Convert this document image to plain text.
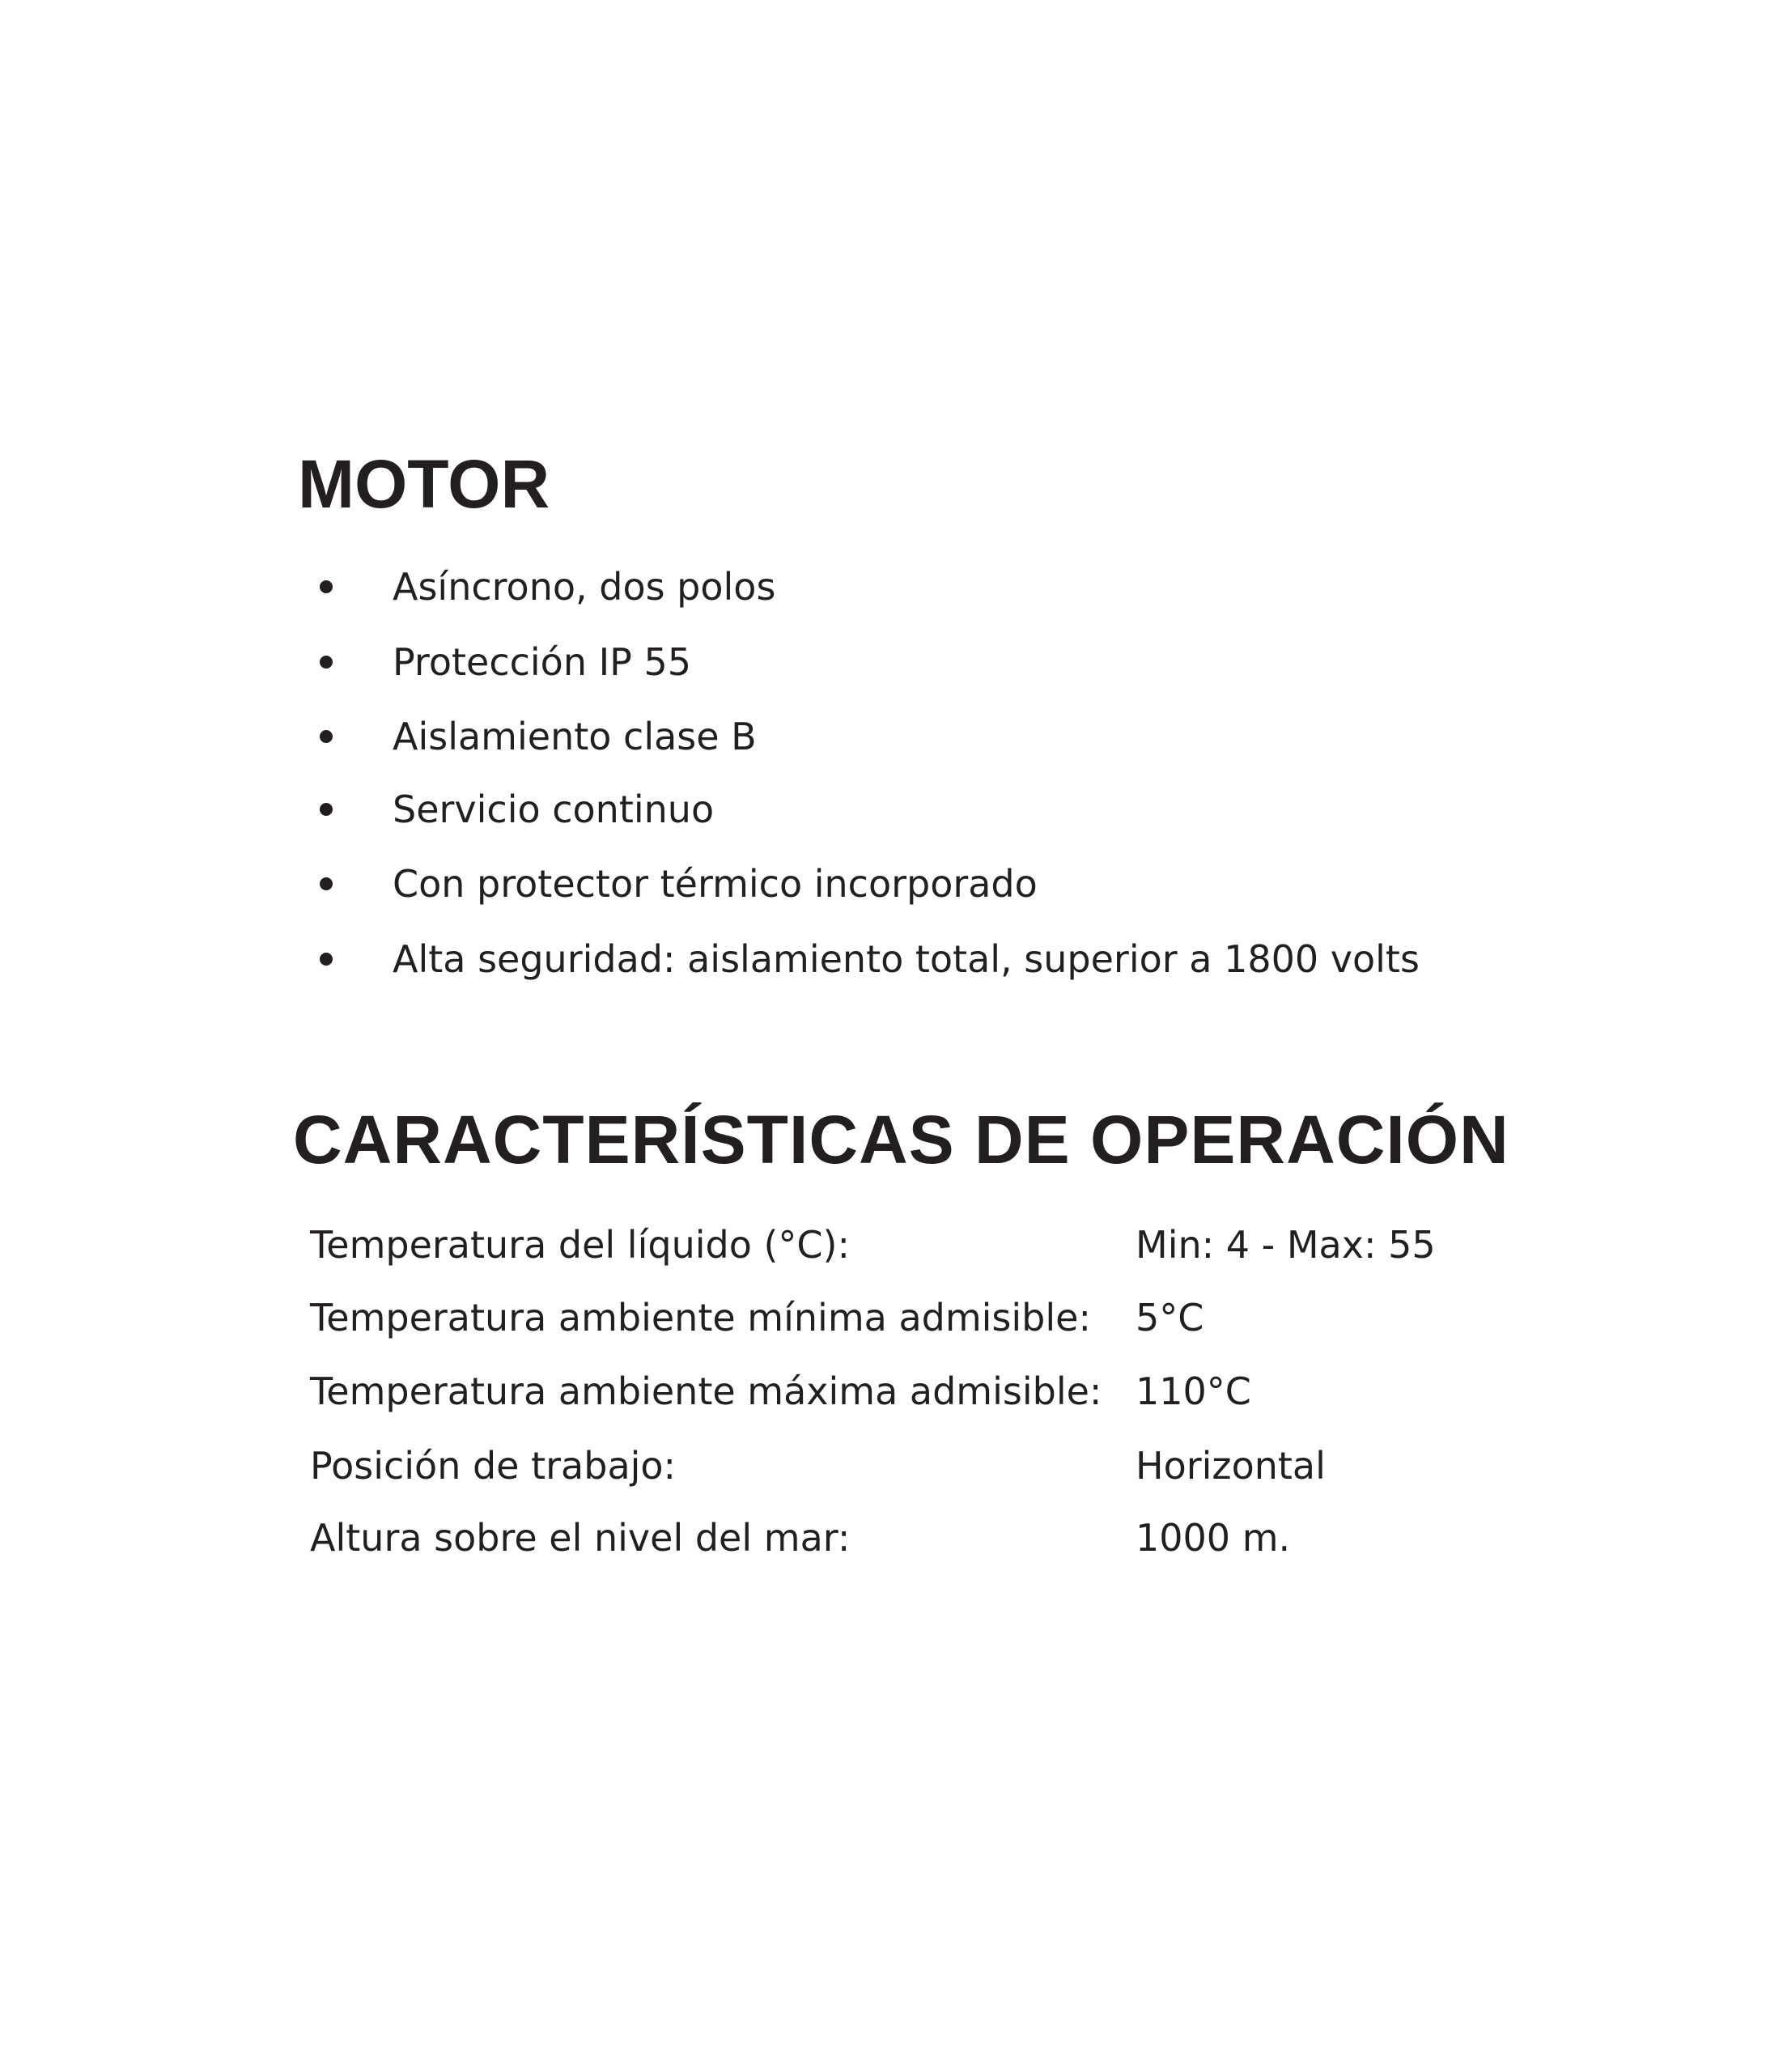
MOTOR
Asíncrono, dos polos
Protección IP 55
Aislamiento clase B
Servicio continuo
Con protector térmico incorporado
Alta seguridad: aislamiento total, superior a 1800 volts
CARACTERÍSTICAS DE OPERACIÓN
Temperatura del líquido (°C):	Min: 4 - Max: 55
Temperatura ambiente mínima admisible: 5°C
Temperatura ambiente máxima admisible: 110°C
Posición de trabajo:	Horizontal
Altura sobre el nivel del mar:	1000 m.
